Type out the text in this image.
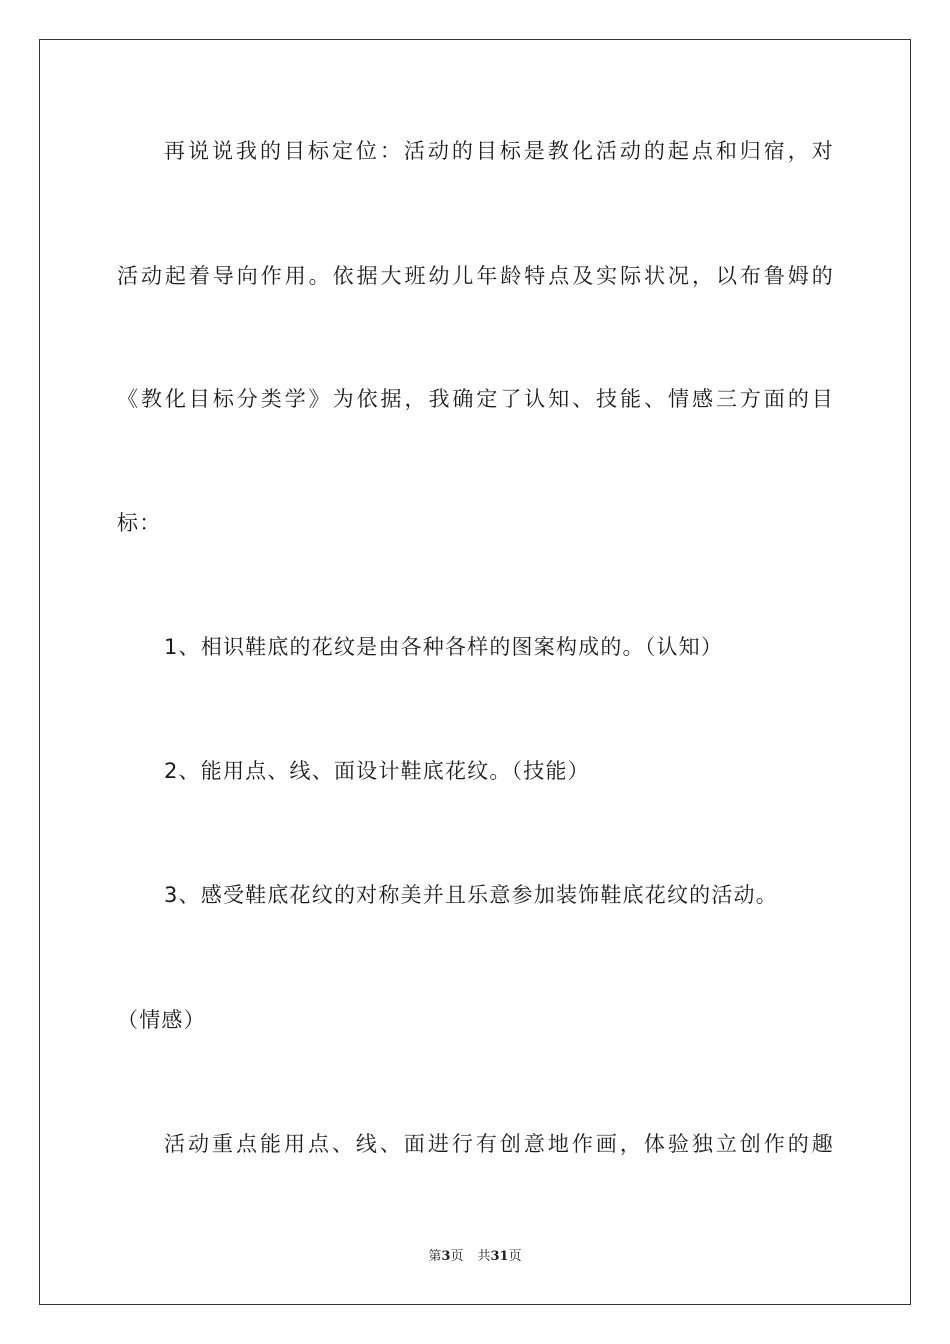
再说说我的目标定位：活动的目标是教化活动的起点和归宿，对
活动起着导向作用。依据大班幼儿年龄特点及实际状况，以布鲁姆的
《教化目标分类学》为依据，我确定了认知、技能、情感三方面的目
标：
1、相识鞋底的花纹是由各种各样的图案构成的。（认知）
2、能用点、线、面设计鞋底花纹。（技能）
3、感受鞋底花纹的对称美并且乐意参加装饰鞋底花纹的活动。
（情感）
活动重点能用点、线、面进行有创意地作画，体验独立创作的趣
第3页 共31页
